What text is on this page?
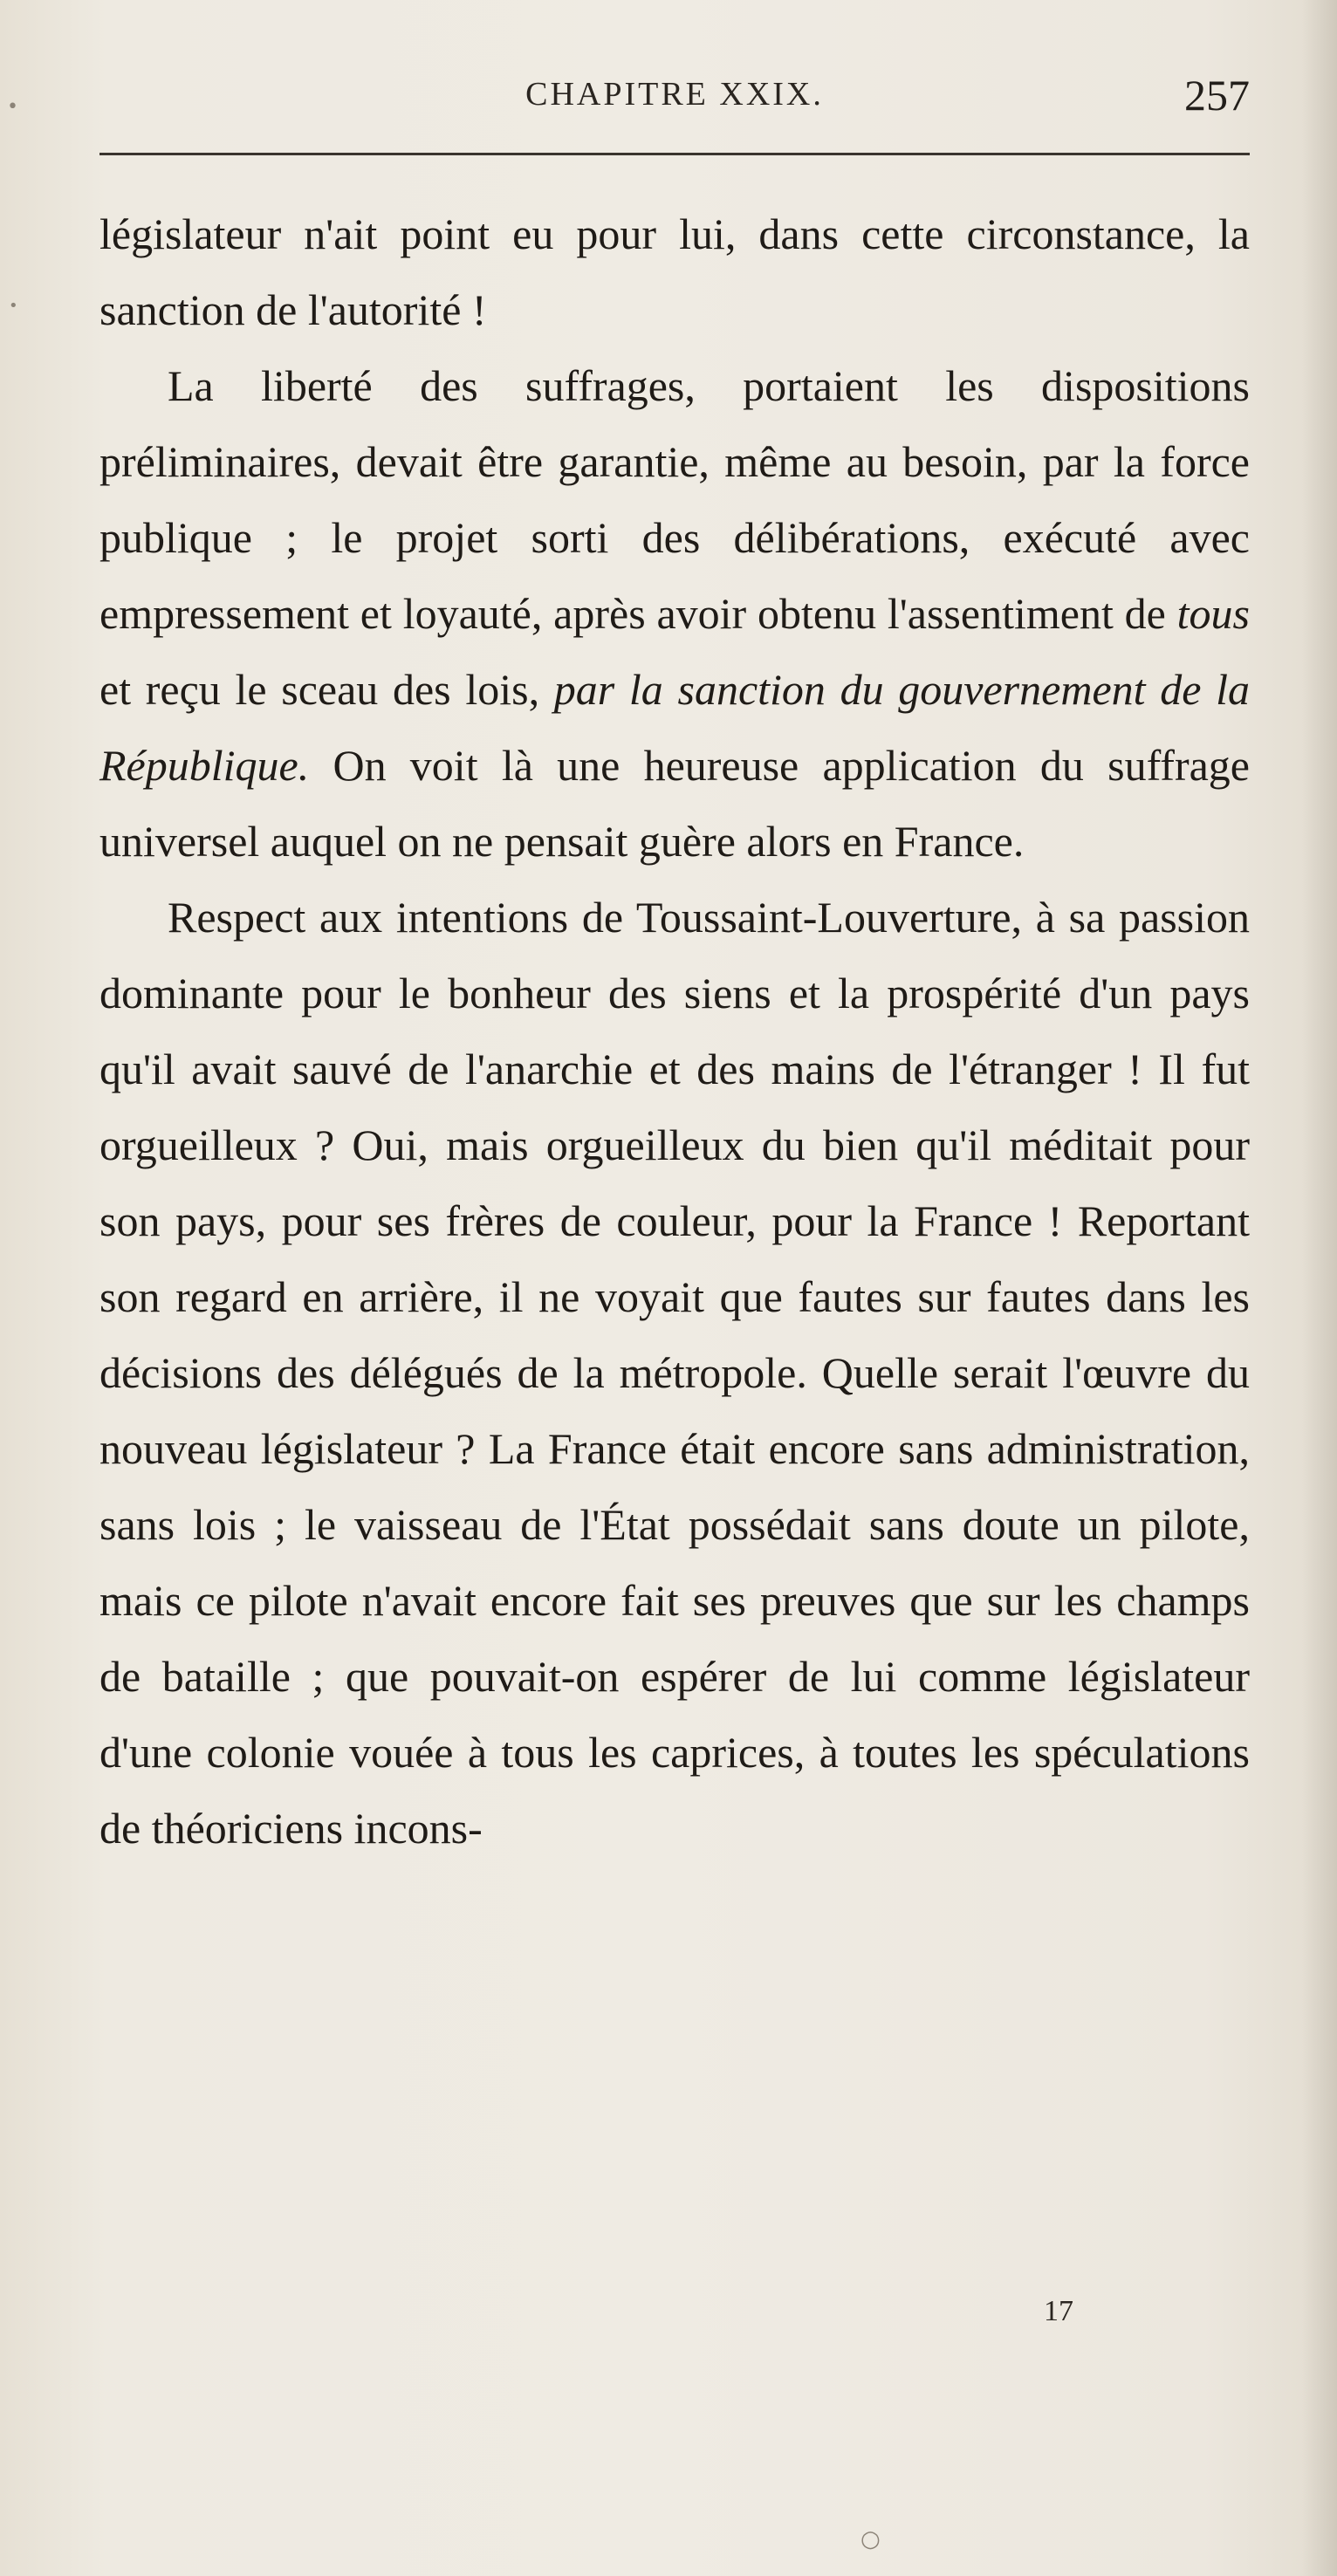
CHAPITRE XXIX.	257

législateur n'ait point eu pour lui, dans cette circonstance, la sanction de l'autorité !

La liberté des suffrages, portaient les dispositions préliminaires, devait être garantie, même au besoin, par la force publique ; le projet sorti des délibérations, exécuté avec empressement et loyauté, après avoir obtenu l'assentiment de tous et reçu le sceau des lois, par la sanction du gouvernement de la République. On voit là une heureuse application du suffrage universel auquel on ne pensait guère alors en France.

Respect aux intentions de Toussaint-Louverture, à sa passion dominante pour le bonheur des siens et la prospérité d'un pays qu'il avait sauvé de l'anarchie et des mains de l'étranger ! Il fut orgueilleux ? Oui, mais orgueilleux du bien qu'il méditait pour son pays, pour ses frères de couleur, pour la France ! Reportant son regard en arrière, il ne voyait que fautes sur fautes dans les décisions des délégués de la métropole. Quelle serait l'œuvre du nouveau législateur ? La France était encore sans administration, sans lois ; le vaisseau de l'État possédait sans doute un pilote, mais ce pilote n'avait encore fait ses preuves que sur les champs de bataille ; que pouvait-on espérer de lui comme législateur d'une colonie vouée à tous les caprices, à toutes les spéculations de théoriciens incons-

17
•
•
○
